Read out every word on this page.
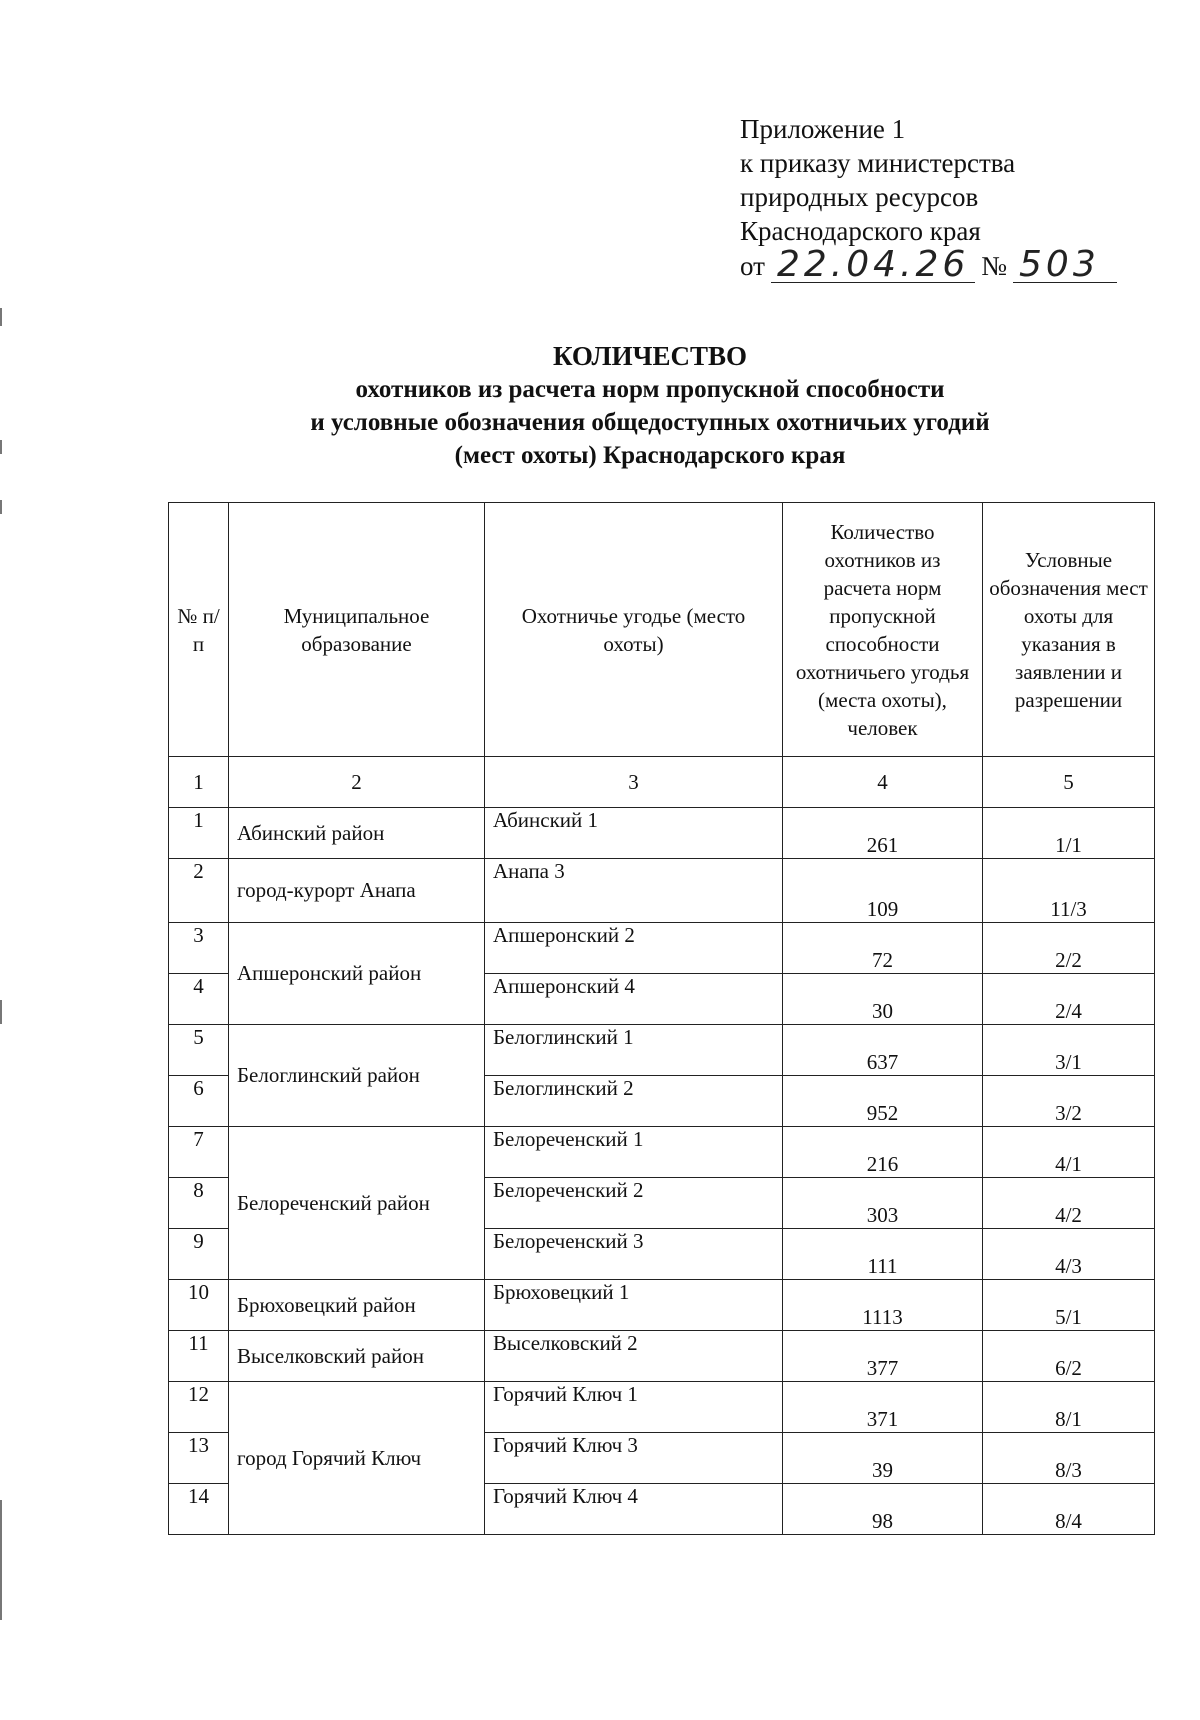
Приложение 1
к приказу министерства
природных ресурсов
Краснодарского края
от 22.04.26 № 503
КОЛИЧЕСТВО
охотников из расчета норм пропускной способности
и условные обозначения общедоступных охотничьих угодий
(мест охоты) Краснодарского края
№ п/п	Муниципальное образование	Охотничье угодье (место охоты)	Количество охотников из расчета норм пропускной способности охотничьего угодья (места охоты), человек	Условные обозначения мест охоты для указания в заявлении и разрешении
1	2	3	4	5
1	Абинский район	Абинский 1	261	1/1
2	город-курорт Анапа	Анапа 3	109	11/3
3	Апшеронский район	Апшеронский 2	72	2/2
4		Апшеронский 4	30	2/4
5	Белоглинский район	Белоглинский 1	637	3/1
6		Белоглинский 2	952	3/2
7	Белореченский район	Белореченский 1	216	4/1
8		Белореченский 2	303	4/2
9		Белореченский 3	111	4/3
10	Брюховецкий район	Брюховецкий 1	1113	5/1
11	Выселковский район	Выселковский 2	377	6/2
12	город Горячий Ключ	Горячий Ключ 1	371	8/1
13		Горячий Ключ 3	39	8/3
14		Горячий Ключ 4	98	8/4
